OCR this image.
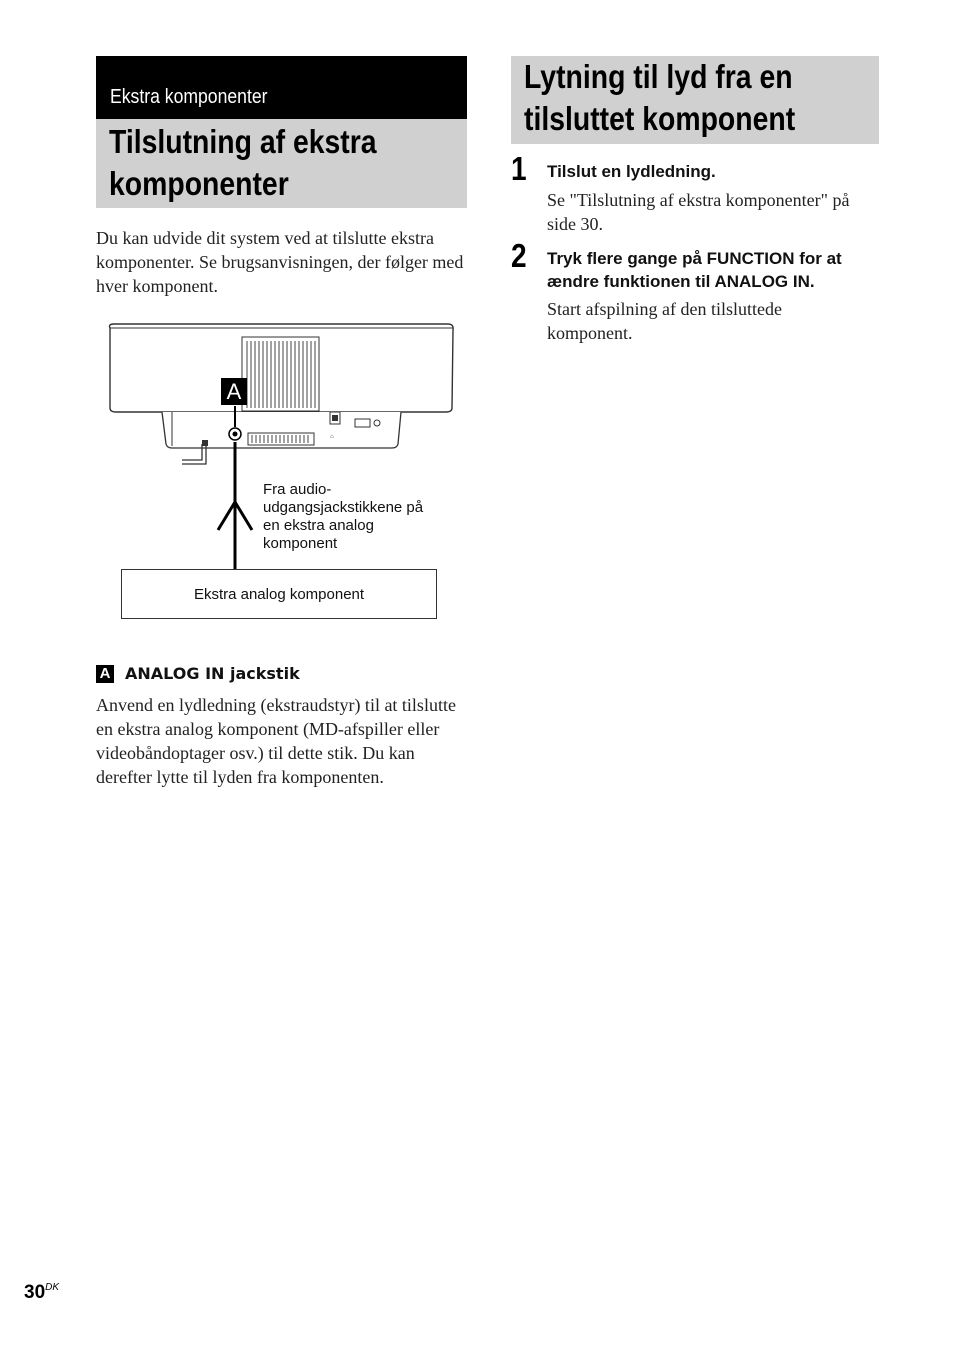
Ekstra komponenter
Tilslutning af ekstra
komponenter
Du kan udvide dit system ved at tilslutte ekstra komponenter. Se brugsanvisningen, der følger med hver komponent.
⌂
A
Fra audio-
udgangsjackstikkene på
en ekstra analog
komponent
Ekstra analog komponent
A ANALOG IN jackstik
Anvend en lydledning (ekstraudstyr) til at tilslutte en ekstra analog komponent (MD-afspiller eller videobåndoptager osv.) til dette stik. Du kan derefter lytte til lyden fra komponenten.
Lytning til lyd fra en
tilsluttet komponent
1 Tilslut en lydledning.
Se "Tilslutning af ekstra komponenter" på side 30.
2 Tryk flere gange på FUNCTION for at
ændre funktionen til ANALOG IN.
Start afspilning af den tilsluttede komponent.
$30^{DK}$
